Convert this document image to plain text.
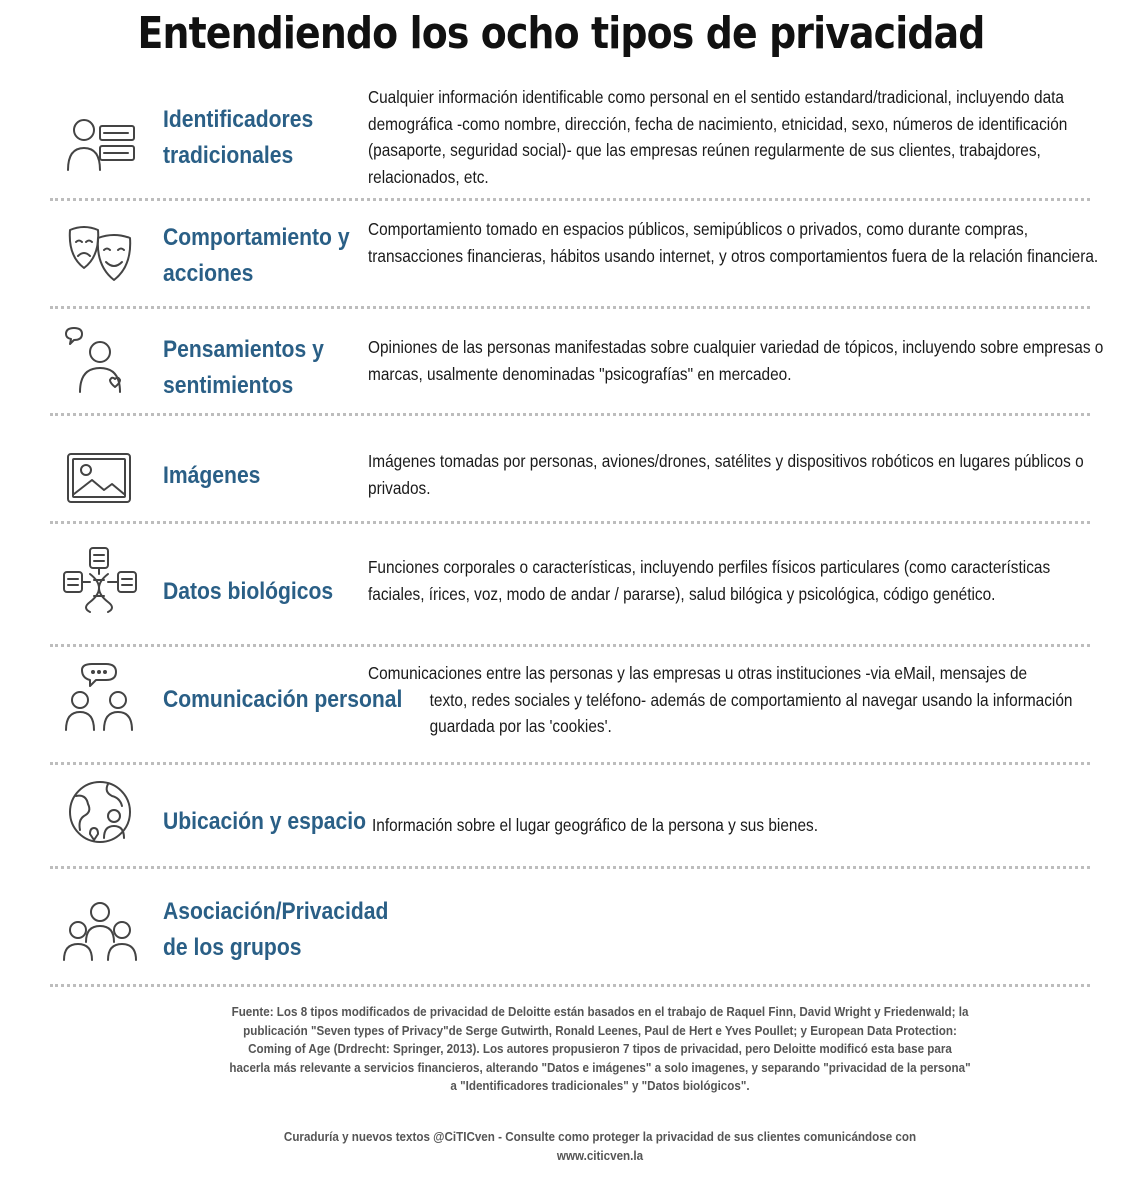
Entendiendo los ocho tipos de privacidad
Identificadores
tradicionales
Cualquier información identificable como personal en el sentido estandard/tradicional, incluyendo data demográfica -como nombre, dirección, fecha de nacimiento, etnicidad, sexo, números de identificación (pasaporte, seguridad social)- que las empresas reúnen regularmente de sus clientes, trabajdores, relacionados, etc.
Comportamiento y
acciones
Comportamiento tomado en espacios públicos, semipúblicos o privados, como durante compras, transacciones financieras, hábitos usando internet, y otros comportamientos fuera de la relación financiera.
Pensamientos y
sentimientos
Opiniones de las personas manifestadas sobre cualquier variedad de tópicos, incluyendo sobre empresas o marcas, usalmente denominadas "psicografías" en mercadeo.
Imágenes
Imágenes tomadas por personas, aviones/drones, satélites y dispositivos robóticos en lugares públicos o privados.
Datos biológicos
Funciones corporales o características, incluyendo perfiles físicos particulares (como características faciales, írices, voz, modo de andar / pararse), salud bilógica y psicológica, código genético.
Comunicación personal
Comunicaciones entre las personas y las empresas u otras instituciones -via eMail, mensajes de
texto, redes sociales y teléfono- además de comportamiento al navegar usando la información guardada por las 'cookies'.
Ubicación y espacio Información sobre el lugar geográfico de la persona y sus bienes.
Asociación/Privacidad
de los grupos
Fuente: Los 8 tipos modificados de privacidad de Deloitte están basados en el trabajo de Raquel Finn, David Wright y Friedenwald; la publicación "Seven types of Privacy"de Serge Gutwirth, Ronald Leenes, Paul de Hert e Yves Poullet; y European Data Protection: Coming of Age (Drdrecht: Springer, 2013). Los autores propusieron 7 tipos de privacidad, pero Deloitte modificó esta base para hacerla más relevante a servicios financieros, alterando "Datos e imágenes" a solo imagenes, y separando "privacidad de la persona" a "Identificadores tradicionales" y "Datos biológicos".
Curaduría y nuevos textos @CiTICven - Consulte como proteger la privacidad de sus clientes comunicándose con
www.citicven.la
